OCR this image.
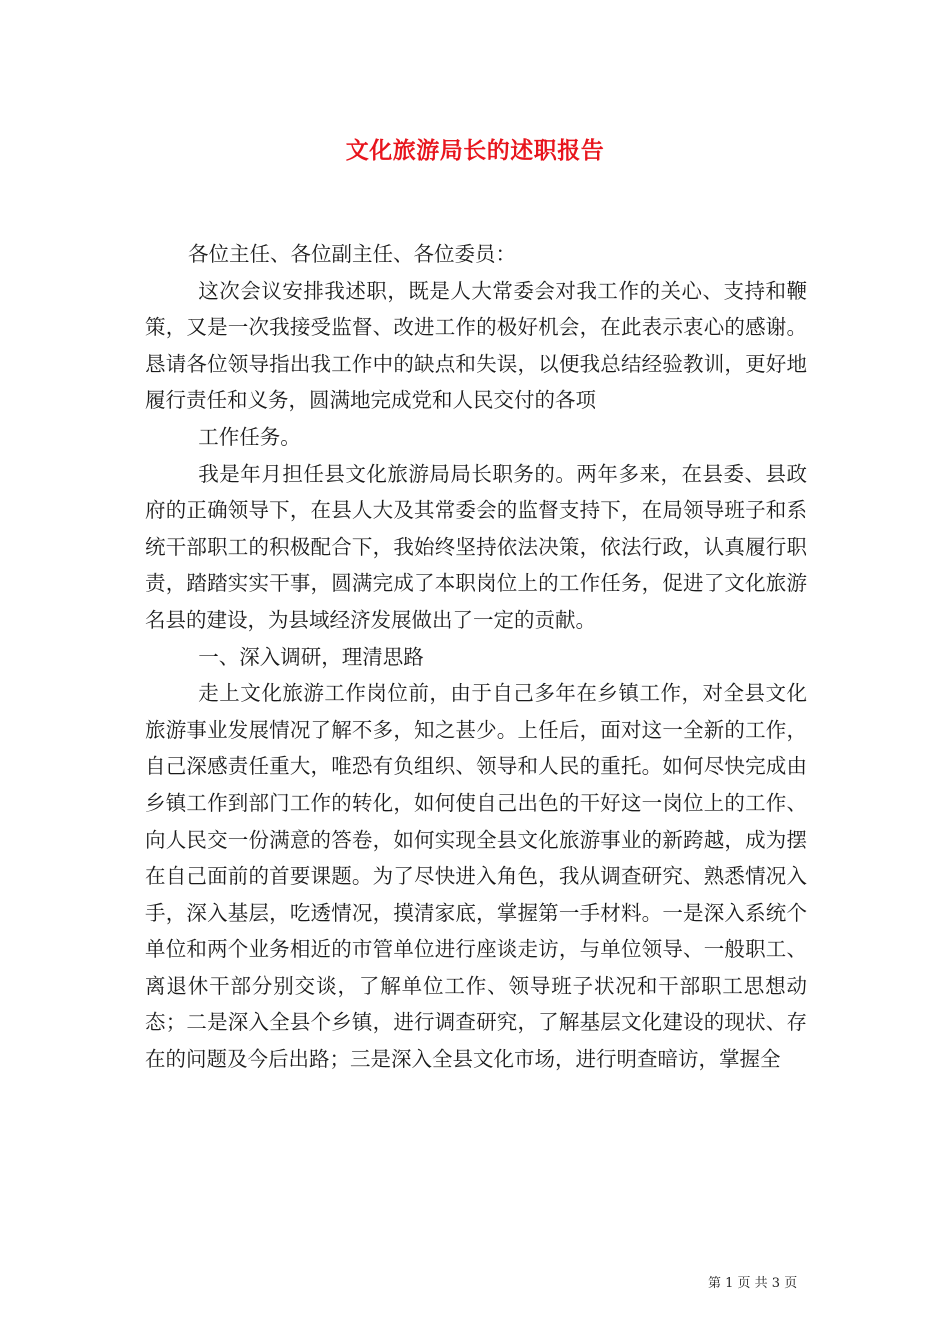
文化旅游局长的述职报告

各位主任、各位副主任、各位委员：

这次会议安排我述职，既是人大常委会对我工作的关心、支持和鞭策，又是一次我接受监督、改进工作的极好机会，在此表示衷心的感谢。恳请各位领导指出我工作中的缺点和失误，以便我总结经验教训，更好地履行责任和义务，圆满地完成党和人民交付的各项

工作任务。

我是年月担任县文化旅游局局长职务的。两年多来，在县委、县政府的正确领导下，在县人大及其常委会的监督支持下，在局领导班子和系统干部职工的积极配合下，我始终坚持依法决策，依法行政，认真履行职责，踏踏实实干事，圆满完成了本职岗位上的工作任务，促进了文化旅游名县的建设，为县域经济发展做出了一定的贡献。

一、深入调研，理清思路

走上文化旅游工作岗位前，由于自己多年在乡镇工作，对全县文化旅游事业发展情况了解不多，知之甚少。上任后，面对这一全新的工作，自己深感责任重大，唯恐有负组织、领导和人民的重托。如何尽快完成由乡镇工作到部门工作的转化，如何使自己出色的干好这一岗位上的工作、向人民交一份满意的答卷，如何实现全县文化旅游事业的新跨越，成为摆在自己面前的首要课题。为了尽快进入角色，我从调查研究、熟悉情况入手，深入基层，吃透情况，摸清家底，掌握第一手材料。一是深入系统个单位和两个业务相近的市管单位进行座谈走访，与单位领导、一般职工、离退休干部分别交谈，了解单位工作、领导班子状况和干部职工思想动态；二是深入全县个乡镇，进行调查研究，了解基层文化建设的现状、存在的问题及今后出路；三是深入全县文化市场，进行明查暗访，掌握全

第 1 页 共 3 页
